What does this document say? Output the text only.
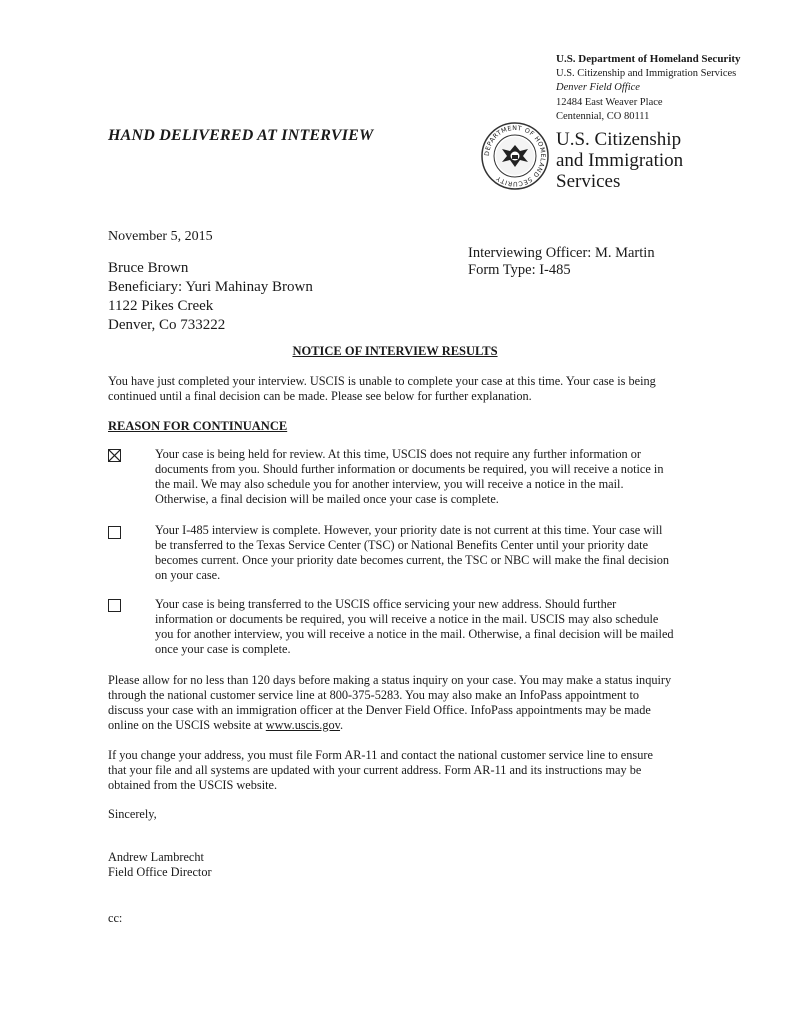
U.S. Department of Homeland Security
U.S. Citizenship and Immigration Services
Denver Field Office
12484 East Weaver Place
Centennial, CO 80111
HAND DELIVERED AT INTERVIEW
DEPARTMENT OF HOMELAND SECURITY
U.S. Citizenship
and Immigration
Services
November 5, 2015
Bruce Brown
Beneficiary: Yuri Mahinay Brown
1122 Pikes Creek
Denver, Co 733222
Interviewing Officer: M. Martin
Form Type: I-485
NOTICE OF INTERVIEW RESULTS
You have just completed your interview. USCIS is unable to complete your case at this time. Your case is being continued until a final decision can be made. Please see below for further explanation.
REASON FOR CONTINUANCE
Your case is being held for review. At this time, USCIS does not require any further information or documents from you. Should further information or documents be required, you will receive a notice in the mail. We may also schedule you for another interview, you will receive a notice in the mail. Otherwise, a final decision will be mailed once your case is complete.
Your I-485 interview is complete. However, your priority date is not current at this time. Your case will be transferred to the Texas Service Center (TSC) or National Benefits Center until your priority date becomes current. Once your priority date becomes current, the TSC or NBC will make the final decision on your case.
Your case is being transferred to the USCIS office servicing your new address. Should further information or documents be required, you will receive a notice in the mail. USCIS may also schedule you for another interview, you will receive a notice in the mail. Otherwise, a final decision will be mailed once your case is complete.
Please allow for no less than 120 days before making a status inquiry on your case. You may make a status inquiry through the national customer service line at 800-375-5283. You may also make an InfoPass appointment to discuss your case with an immigration officer at the Denver Field Office. InfoPass appointments may be made online on the USCIS website at www.uscis.gov.
If you change your address, you must file Form AR-11 and contact the national customer service line to ensure that your file and all systems are updated with your current address. Form AR-11 and its instructions may be obtained from the USCIS website.
Sincerely,
Andrew Lambrecht
Field Office Director
cc:
